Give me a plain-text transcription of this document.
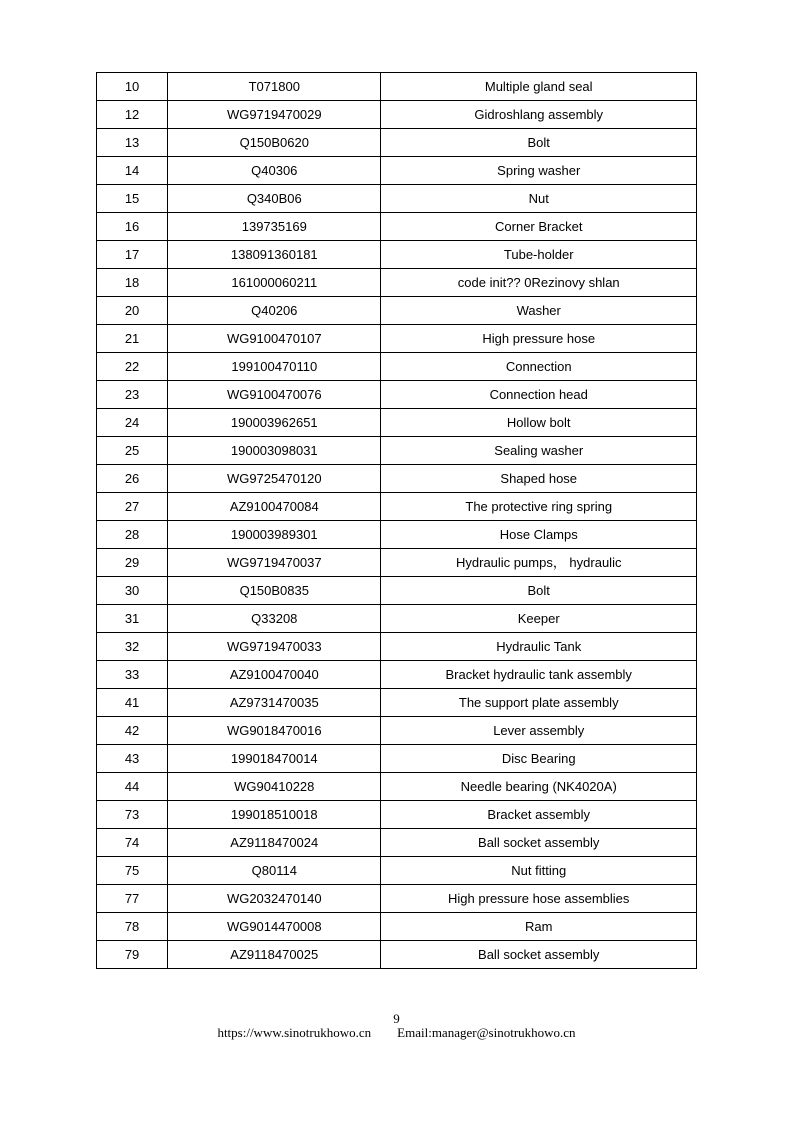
10	T071800	Multiple gland seal
12	WG9719470029	Gidroshlang assembly
13	Q150B0620	Bolt
14	Q40306	Spring washer
15	Q340B06	Nut
16	139735169	Corner Bracket
17	138091360181	Tube-holder
18	161000060211	code init?? 0Rezinovy shlan
20	Q40206	Washer
21	WG9100470107	High pressure hose
22	199100470110	Connection
23	WG9100470076	Connection head
24	190003962651	Hollow bolt
25	190003098031	Sealing washer
26	WG9725470120	Shaped hose
27	AZ9100470084	The protective ring spring
28	190003989301	Hose Clamps
29	WG9719470037	Hydraulic pumps， hydraulic
30	Q150B0835	Bolt
31	Q33208	Keeper
32	WG9719470033	Hydraulic Tank
33	AZ9100470040	Bracket hydraulic tank assembly
41	AZ9731470035	The support plate assembly
42	WG9018470016	Lever assembly
43	199018470014	Disc Bearing
44	WG90410228	Needle bearing (NK4020A)
73	199018510018	Bracket assembly
74	AZ9118470024	Ball socket assembly
75	Q80114	Nut fitting
77	WG2032470140	High pressure hose assemblies
78	WG9014470008	Ram
79	AZ9118470025	Ball socket assembly
9
https://www.sinotrukhowo.cn Email:manager@sinotrukhowo.cn
